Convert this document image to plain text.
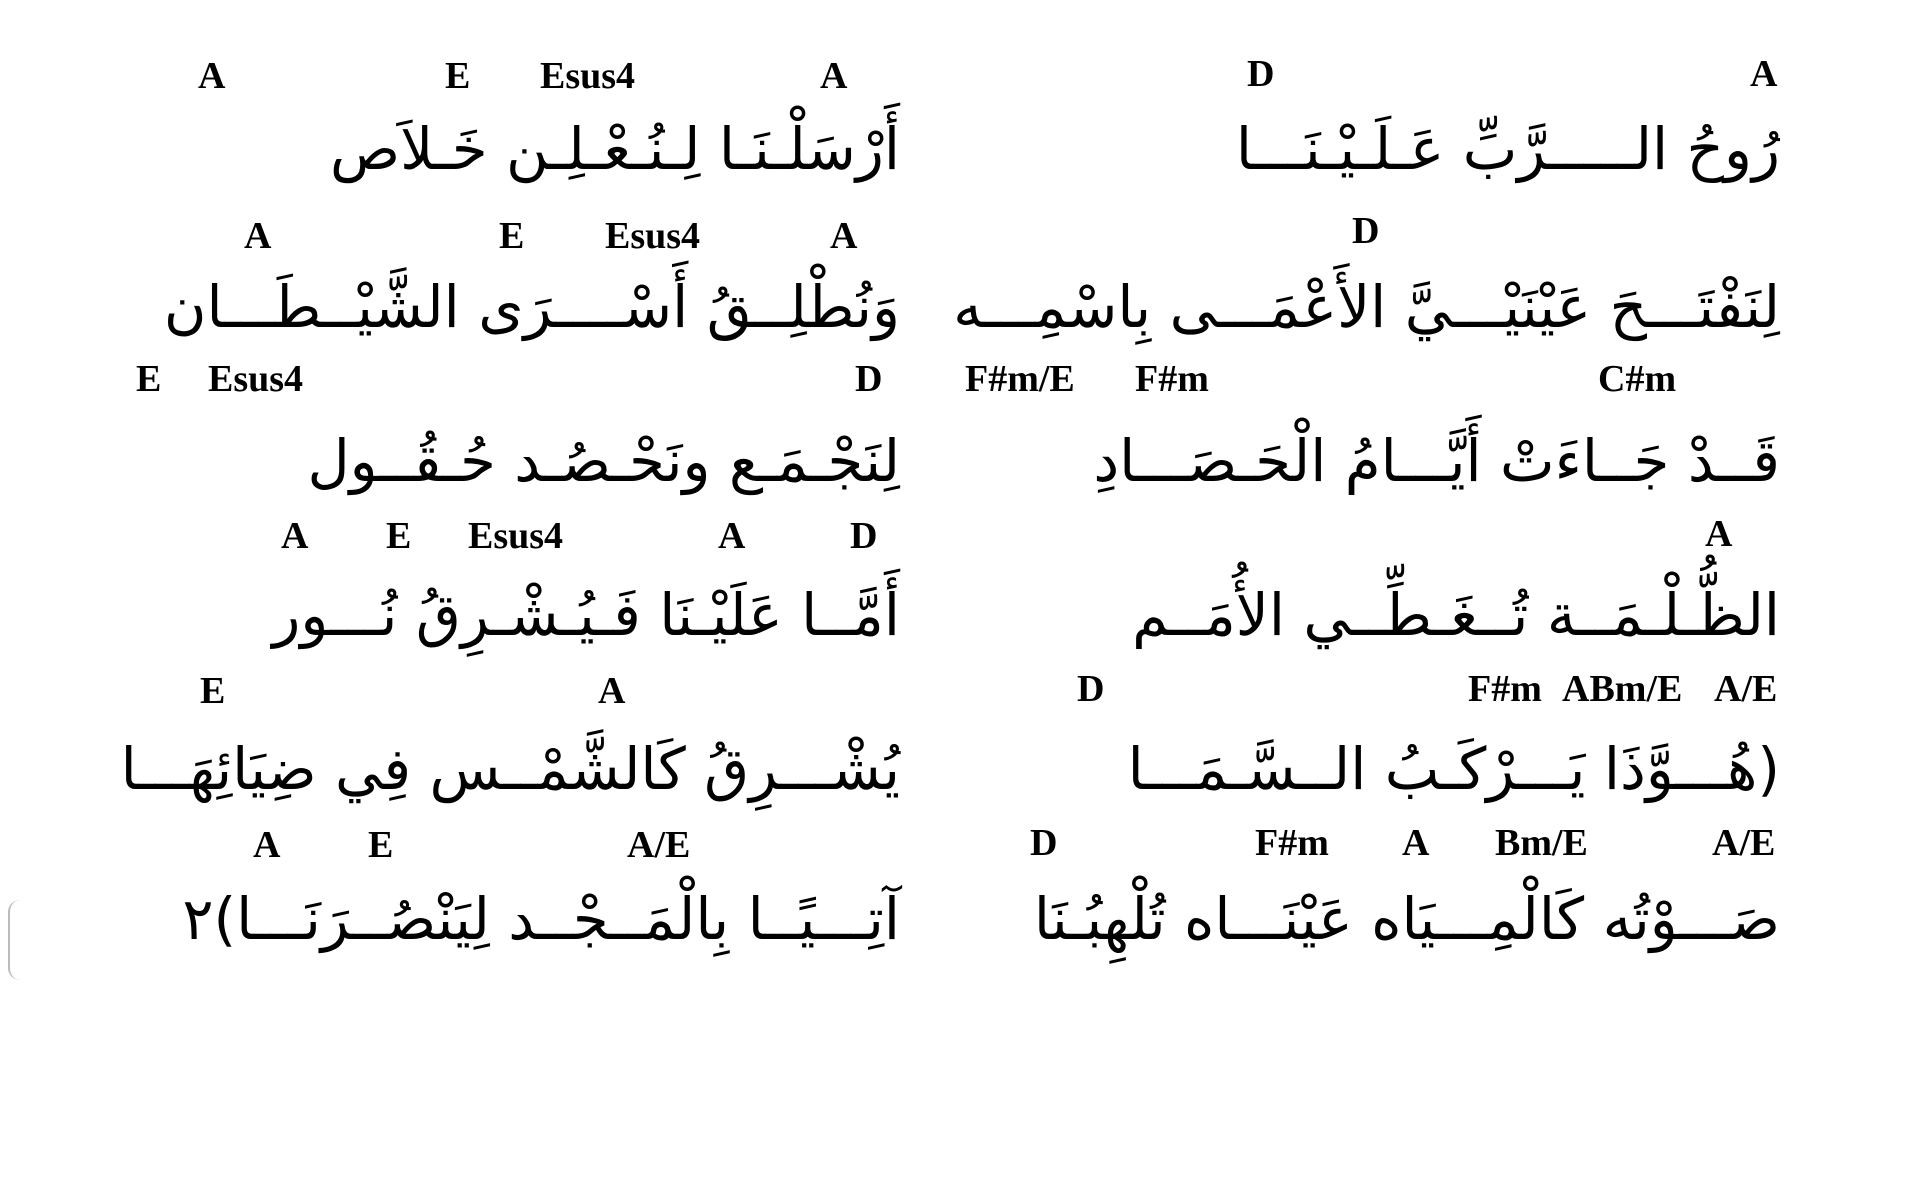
A
D
A
Esus4
E
A
رُوحُ الـــــرَّبِّ عَـلَـيْـنَـــا
أَرْسَلْـنَـا لِـنُـعْـلِـن خَـلاَص
D
A
Esus4
E
A
لِنَفْتَـــحَ عَيْنَيْـــيَّ الأَعْمَـــى بِاسْمِـــه
وَنُطْلِــقُ أَسْــــرَى الشَّيْــطَـــان
C#m
F#m
F#m/E
D
Esus4
E
قَــدْ جَــاءَتْ أَيَّـــامُ الْحَـصَـــادِ
لِنَجْـمَـع ونَحْـصُـد حُـقُــول
A
D
A
Esus4
E
A
الظُّـلْـمَــة تُــغَـطِّــي الأُمَــم
أَمَّــا عَلَيْـنَا فَـيُـشْـرِقُ نُـــور
A/E
ABm/E
F#m
D
A
E
(هُـــوَّذَا يَـــرْكَـبُ الــسَّـمَـــا
يُشْـــرِقُ كَالشَّمْــس فِي ضِيَائِهَـــا
A/E
Bm/E
A
F#m
D
A/E
E
A
صَـــوْتُه كَالْمِـــيَاه عَيْنَـــاه تُلْهِبُـنَا
آتِـــيًــا بِالْمَــجْــد لِيَنْصُــرَنَـــا)٢
